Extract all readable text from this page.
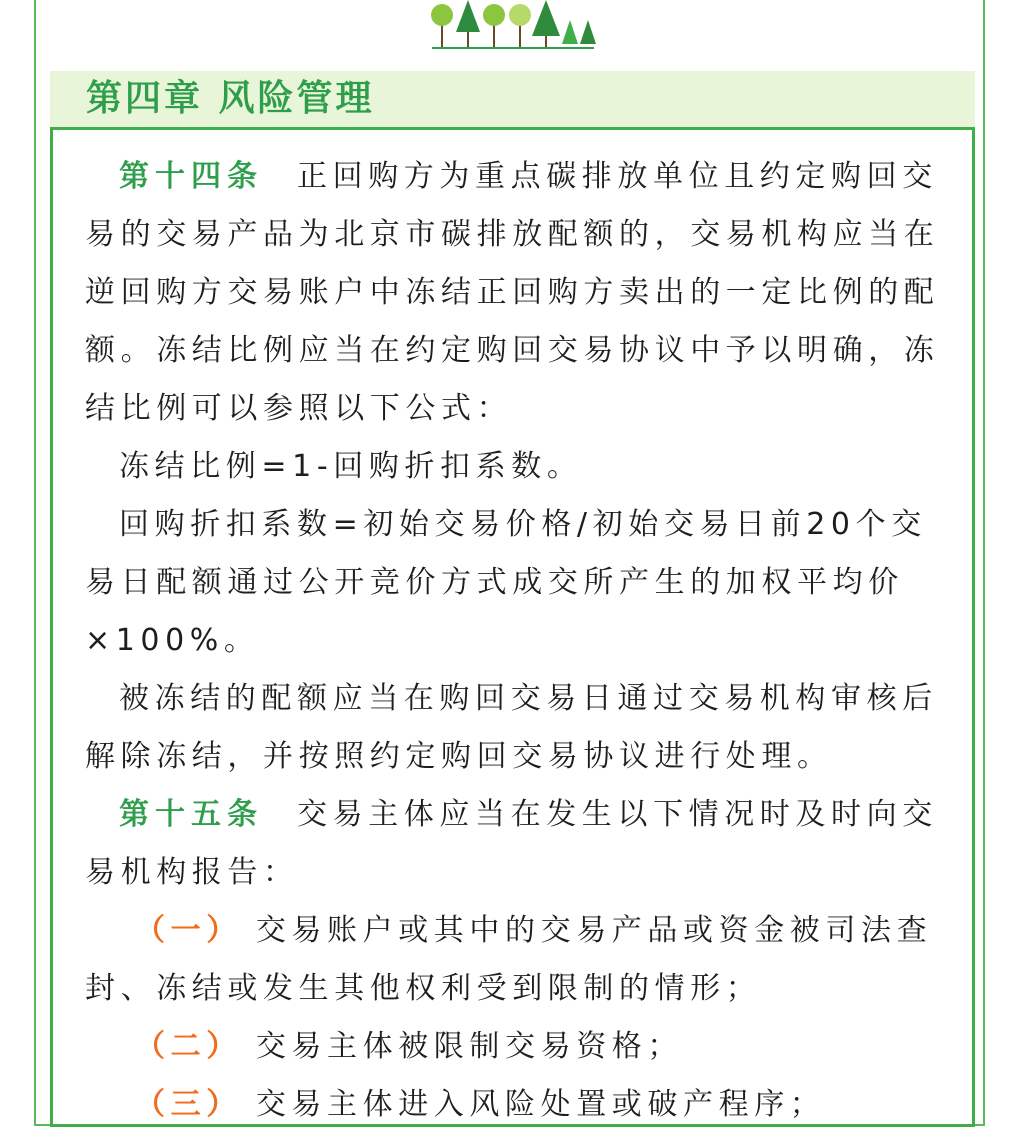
第四章 风险管理

第十四条 正回购方为重点碳排放单位且约定购回交易的交易产品为北京市碳排放配额的，交易机构应当在逆回购方交易账户中冻结正回购方卖出的一定比例的配额。冻结比例应当在约定购回交易协议中予以明确，冻结比例可以参照以下公式：

冻结比例=1-回购折扣系数。

回购折扣系数=初始交易价格/初始交易日前20个交易日配额通过公开竞价方式成交所产生的加权平均价×100%。

被冻结的配额应当在购回交易日通过交易机构审核后解除冻结，并按照约定购回交易协议进行处理。

第十五条 交易主体应当在发生以下情况时及时向交易机构报告：

（一） 交易账户或其中的交易产品或资金被司法查封、冻结或发生其他权利受到限制的情形；

（二） 交易主体被限制交易资格；

（三） 交易主体进入风险处置或破产程序；
